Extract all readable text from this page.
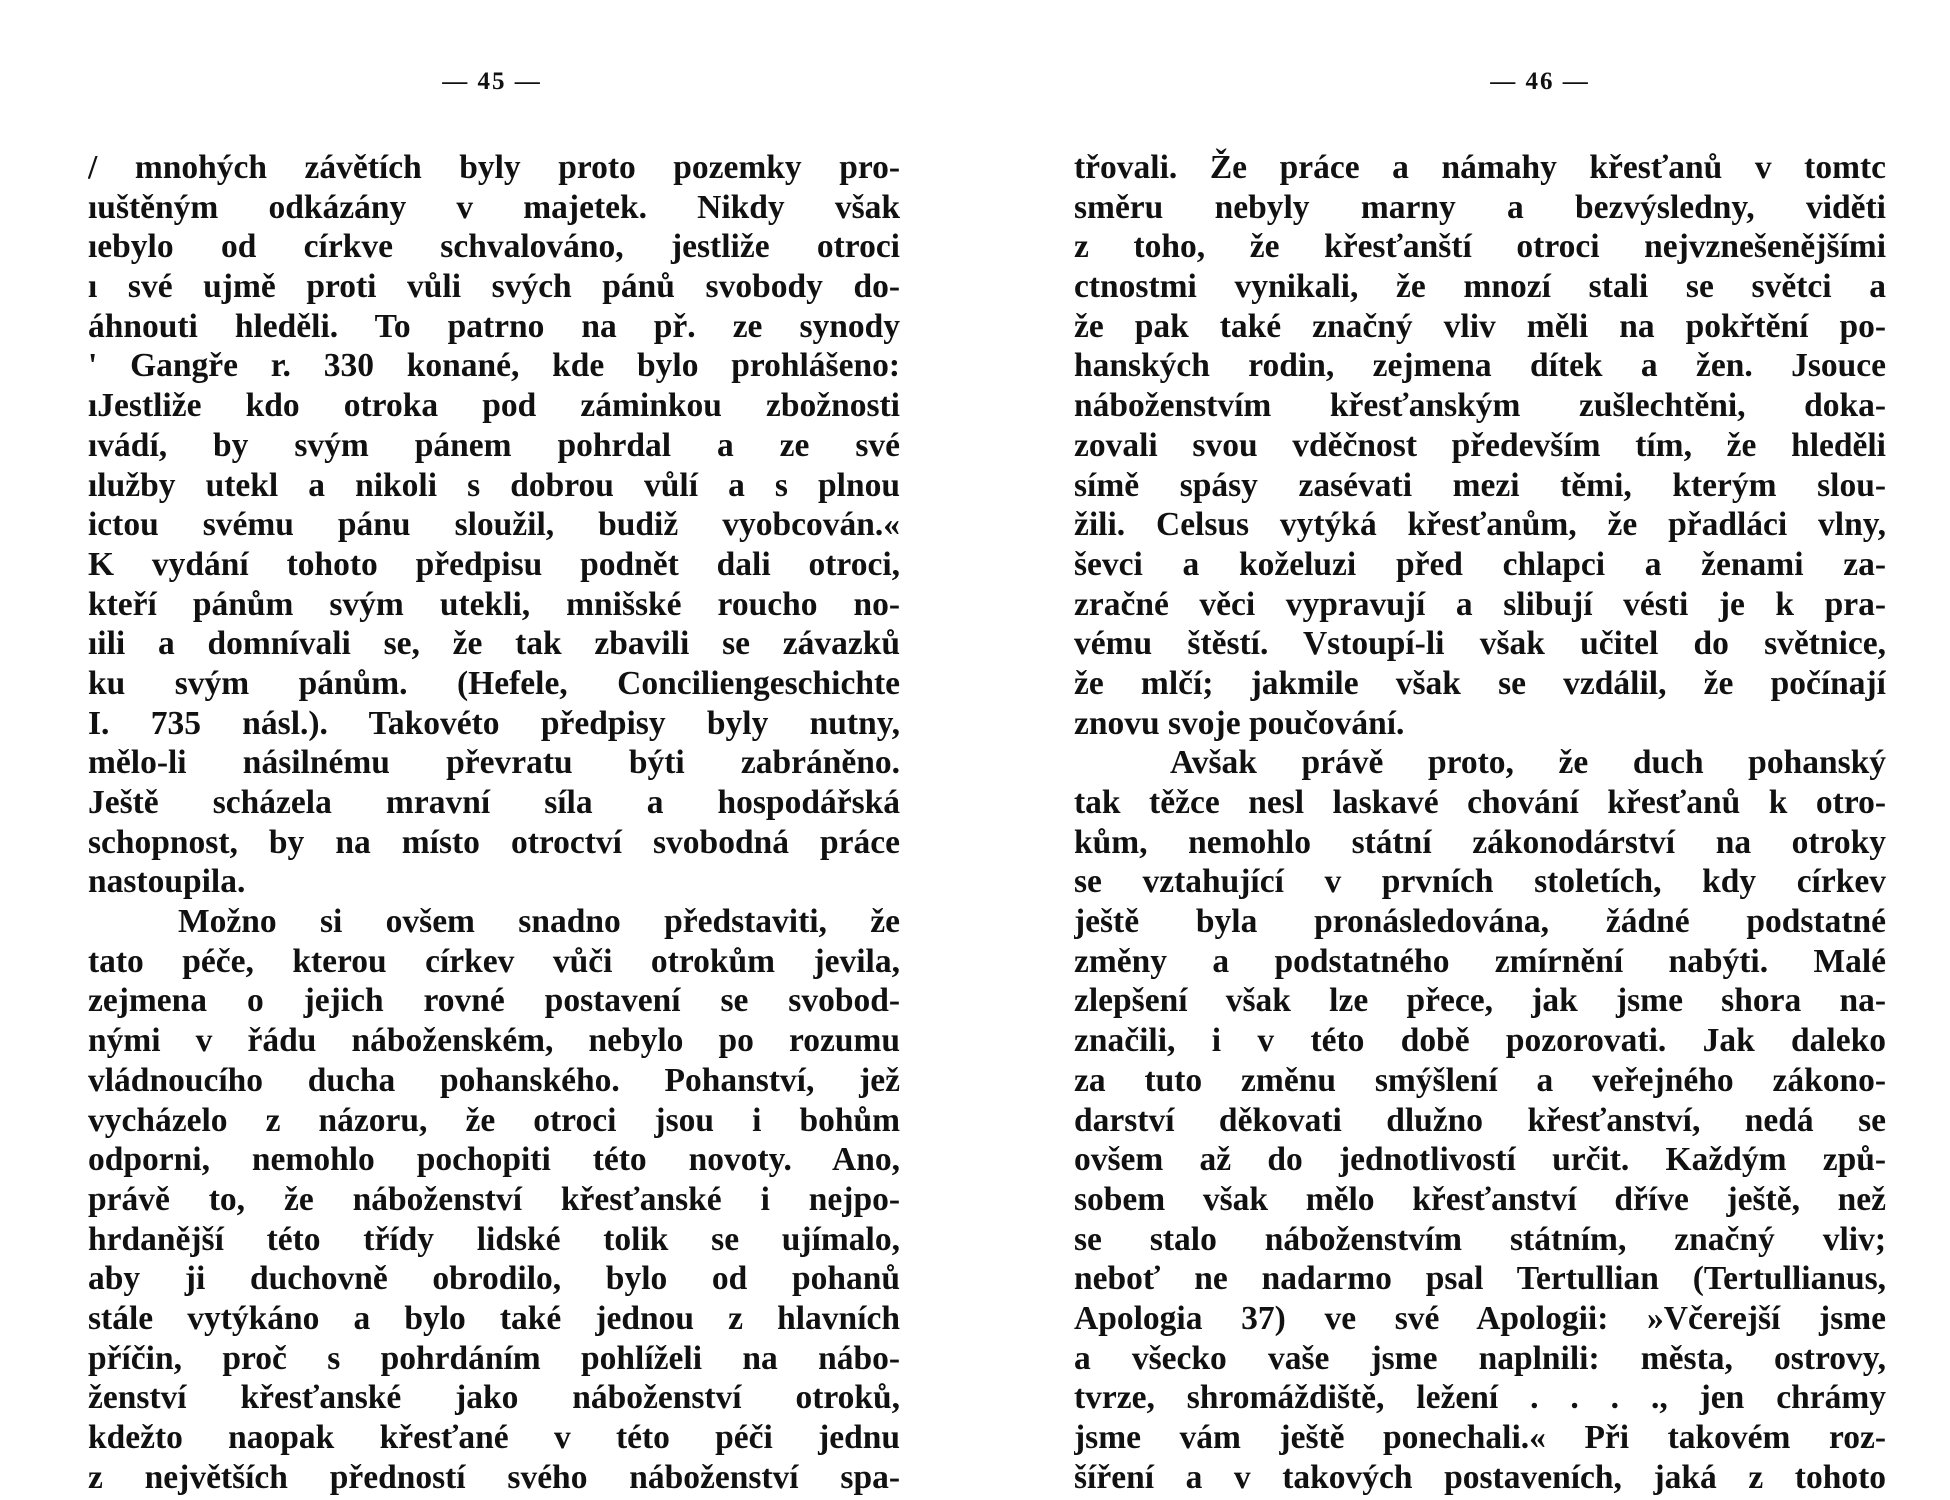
— 45 —	— 46 —
/ mnohých závětích byly proto pozemky pro-
ıuštěným odkázány v majetek. Nikdy však
ıebylo od církve schvalováno, jestliže otroci
ı své ujmě proti vůli svých pánů svobody do-
áhnouti hleděli. To patrno na př. ze synody
' Gangře r. 330 konané, kde bylo prohlášeno:
ıJestliže kdo otroka pod záminkou zbožnosti
ıvádí, by svým pánem pohrdal a ze své
ılužby utekl a nikoli s dobrou vůlí a s plnou
ictou svému pánu sloužil, budiž vyobcován.«
K vydání tohoto předpisu podnět dali otroci,
kteří pánům svým utekli, mnišské roucho no-
ıili a domnívali se, že tak zbavili se závazků
ku svým pánům. (Hefele, Conciliengeschichte
I. 735 násl.). Takovéto předpisy byly nutny,
mělo-li násilnému převratu býti zabráněno.
Ještě scházela mravní síla a hospodářská
schopnost, by na místo otroctví svobodná práce
nastoupila.
Možno si ovšem snadno představiti, že
tato péče, kterou církev vůči otrokům jevila,
zejmena o jejich rovné postavení se svobod-
nými v řádu náboženském, nebylo po rozumu
vládnoucího ducha pohanského. Pohanství, jež
vycházelo z názoru, že otroci jsou i bohům
odporni, nemohlo pochopiti této novoty. Ano,
právě to, že náboženství křesťanské i nejpo-
hrdanější této třídy lidské tolik se ujímalo,
aby ji duchovně obrodilo, bylo od pohanů
stále vytýkáno a bylo také jednou z hlavních
příčin, proč s pohrdáním pohlíželi na nábo-
ženství křesťanské jako náboženství otroků,
kdežto naopak křesťané v této péči jednu
z největších předností svého náboženství spa-
třovali. Že práce a námahy křesťanů v tomtc
směru nebyly marny a bezvýsledny, viděti
z toho, že křesťanští otroci nejvznešenějšími
ctnostmi vynikali, že mnozí stali se světci a
že pak také značný vliv měli na pokřtění po-
hanských rodin, zejmena dítek a žen. Jsouce
náboženstvím křesťanským zušlechtěni, doka-
zovali svou vděčnost především tím, že hleděli
símě spásy zasévati mezi těmi, kterým slou-
žili. Celsus vytýká křesťanům, že přadláci vlny,
ševci a koželuzi před chlapci a ženami za-
zračné věci vypravují a slibují vésti je k pra-
vému štěstí. Vstoupí-li však učitel do světnice,
že mlčí; jakmile však se vzdálil, že počínají
znovu svoje poučování.
Avšak právě proto, že duch pohanský
tak těžce nesl laskavé chování křesťanů k otro-
kům, nemohlo státní zákonodárství na otroky
se vztahující v prvních stoletích, kdy církev
ještě byla pronásledována, žádné podstatné
změny a podstatného zmírnění nabýti. Malé
zlepšení však lze přece, jak jsme shora na-
značili, i v této době pozorovati. Jak daleko
za tuto změnu smýšlení a veřejného zákono-
darství děkovati dlužno křesťanství, nedá se
ovšem až do jednotlivostí určit. Každým způ-
sobem však mělo křesťanství dříve ještě, než
se stalo náboženstvím státním, značný vliv;
neboť ne nadarmo psal Tertullian (Tertullianus,
Apologia 37) ve své Apologii: »Včerejší jsme
a všecko vaše jsme naplnili: města, ostrovy,
tvrze, shromáždiště, ležení . . . ., jen chrámy
jsme vám ještě ponechali.« Při takovém roz-
šíření a v takových postaveních, jaká z tohoto
